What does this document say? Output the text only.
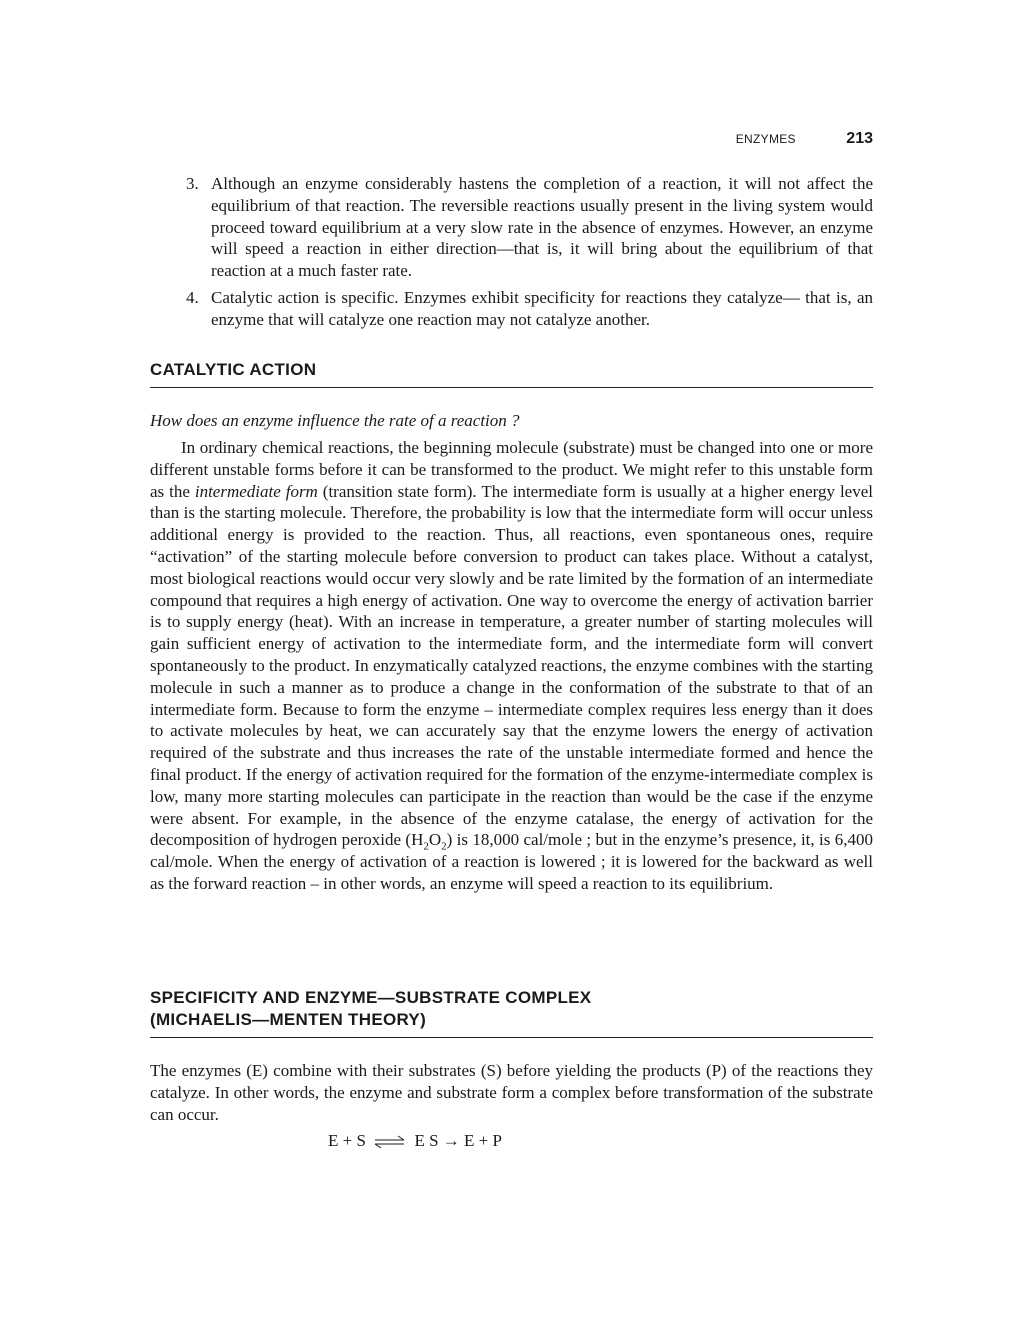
ENZYMES	213
3. Although an enzyme considerably hastens the completion of a reaction, it will not affect the equilibrium of that reaction. The reversible reactions usually present in the living system would proceed toward equilibrium at a very slow rate in the absence of enzymes. However, an enzyme will speed a reaction in either direction—that is, it will bring about the equilibrium of that reaction at a much faster rate.
4. Catalytic action is specific. Enzymes exhibit specificity for reactions they catalyze— that is, an enzyme that will catalyze one reaction may not catalyze another.
CATALYTIC ACTION
How does an enzyme influence the rate of a reaction ?

In ordinary chemical reactions, the beginning molecule (substrate) must be changed into one or more different unstable forms before it can be transformed to the product. We might refer to this unstable form as the intermediate form (transition state form). The intermediate form is usually at a higher energy level than is the starting molecule. Therefore, the probability is low that the intermediate form will occur unless additional energy is provided to the reaction. Thus, all reactions, even spontaneous ones, require “activation” of the starting molecule before conversion to product can takes place. Without a catalyst, most biological reactions would occur very slowly and be rate limited by the formation of an intermediate compound that requires a high energy of activation. One way to overcome the energy of activation barrier is to supply energy (heat). With an increase in temperature, a greater number of starting molecules will gain sufficient energy of activation to the intermediate form, and the intermediate form will convert spontaneously to the product. In enzymatically catalyzed reactions, the enzyme combines with the starting molecule in such a manner as to produce a change in the conformation of the substrate to that of an intermediate form. Because to form the enzyme – intermediate complex requires less energy than it does to activate molecules by heat, we can accurately say that the enzyme lowers the energy of activation required of the substrate and thus increases the rate of the unstable intermediate formed and hence the final product. If the energy of activation required for the formation of the enzyme-intermediate complex is low, many more starting molecules can participate in the reaction than would be the case if the enzyme were absent. For example, in the absence of the enzyme catalase, the energy of activation for the decomposition of hydrogen peroxide $(H_2O_2)$ is 18,000 cal/mole ; but in the enzyme’s presence, it, is 6,400 cal/mole. When the energy of activation of a reaction is lowered ; it is lowered for the backward as well as the forward reaction – in other words, an enzyme will speed a reaction to its equilibrium.

SPECIFICITY AND ENZYME—SUBSTRATE COMPLEX
(MICHAELIS—MENTEN THEORY)

The enzymes (E) combine with their substrates (S) before yielding the products (P) of the reactions they catalyze. In other words, the enzyme and substrate form a complex before transformation of the substrate can occur.

E + S ⇌ E S → E + P
